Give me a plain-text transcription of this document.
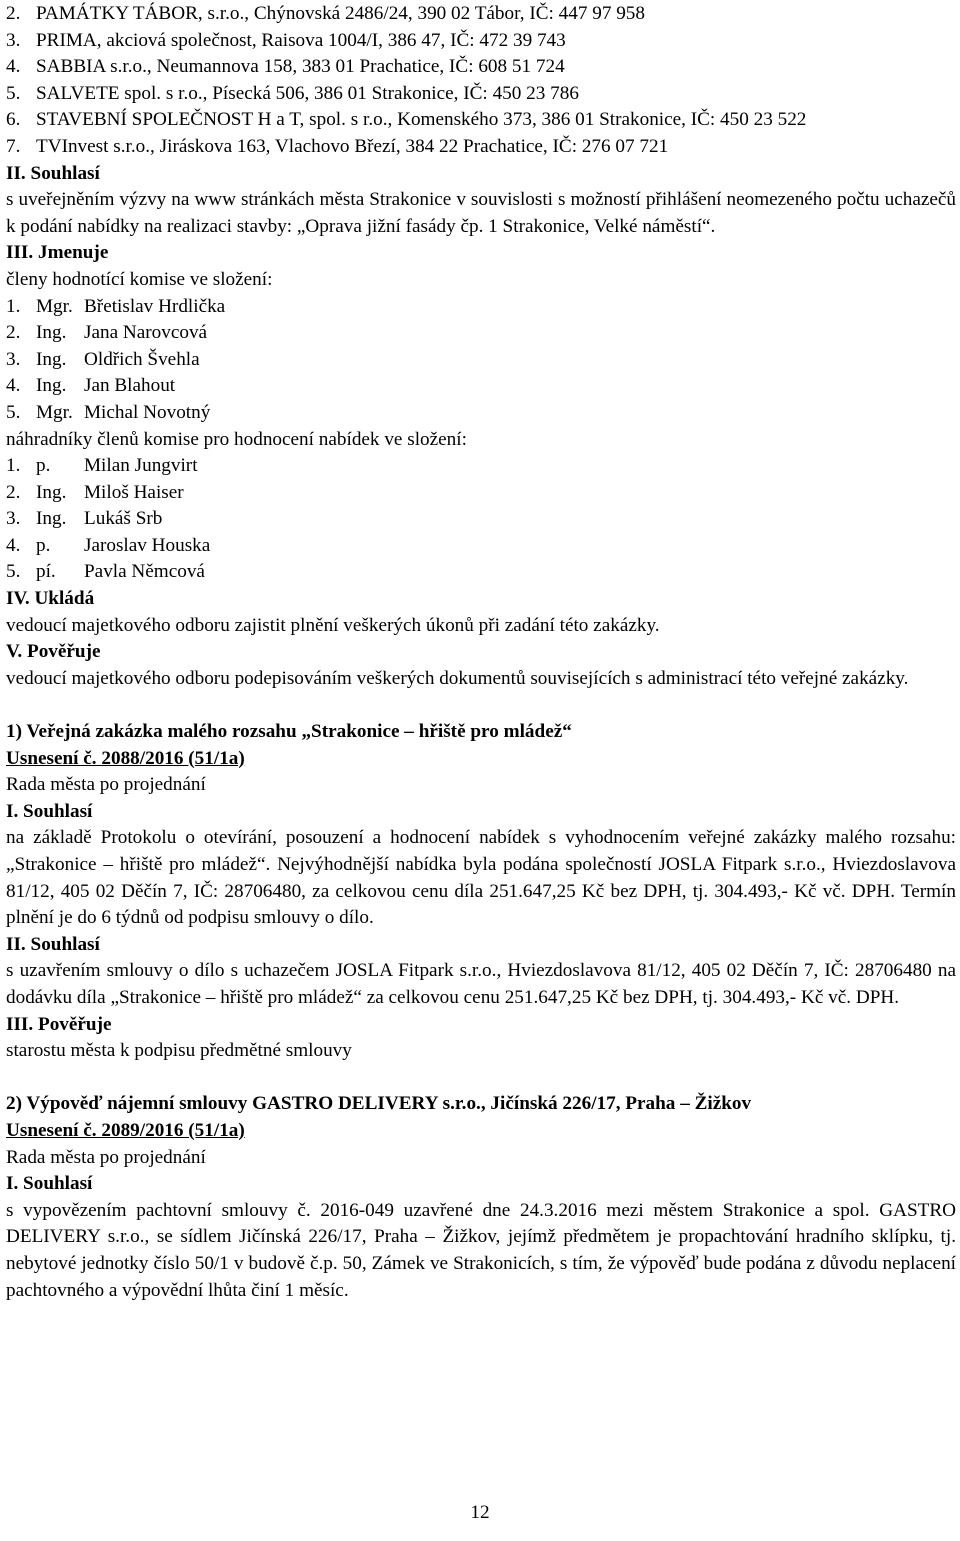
2. PAMÁTKY TÁBOR, s.r.o., Chýnovská 2486/24, 390 02 Tábor, IČ: 447 97 958
3. PRIMA, akciová společnost, Raisova 1004/I, 386 47, IČ: 472 39 743
4. SABBIA s.r.o., Neumannova 158, 383 01 Prachatice, IČ: 608 51 724
5. SALVETE spol. s r.o., Písecká 506, 386 01 Strakonice, IČ: 450 23 786
6. STAVEBNÍ SPOLEČNOST H a T, spol. s r.o., Komenského 373, 386 01 Strakonice, IČ: 450 23 522
7. TVInvest s.r.o., Jiráskova 163, Vlachovo Březí, 384 22 Prachatice, IČ: 276 07 721
II. Souhlasí
s uveřejněním výzvy na www stránkách města Strakonice v souvislosti s možností přihlášení neomezeného počtu uchazečů k podání nabídky na realizaci stavby: „Oprava jižní fasády čp. 1 Strakonice, Velké náměstí“.
III. Jmenuje
členy hodnotící komise ve složení:
1. Mgr. Břetislav Hrdlička
2. Ing. Jana Narovcová
3. Ing. Oldřich Švehla
4. Ing. Jan Blahout
5. Mgr. Michal Novotný
náhradníky členů komise pro hodnocení nabídek ve složení:
1. p. Milan Jungvirt
2. Ing. Miloš Haiser
3. Ing. Lukáš Srb
4. p. Jaroslav Houska
5. pí. Pavla Němcová
IV. Ukládá
vedoucí majetkového odboru zajistit plnění veškerých úkonů při zadání této zakázky.
V. Pověřuje
vedoucí majetkového odboru podepisováním veškerých dokumentů souvisejících s administrací této veřejné zakázky.
1) Veřejná zakázka malého rozsahu „Strakonice – hřiště pro mládež“
Usnesení č. 2088/2016 (51/1a)
Rada města po projednání
I. Souhlasí
na základě Protokolu o otevírání, posouzení a hodnocení nabídek s vyhodnocením veřejné zakázky malého rozsahu: „Strakonice – hřiště pro mládež“. Nejvýhodnější nabídka byla podána společností JOSLA Fitpark s.r.o., Hviezdoslavova 81/12, 405 02 Děčín 7, IČ: 28706480, za celkovou cenu díla 251.647,25 Kč bez DPH, tj. 304.493,- Kč vč. DPH. Termín plnění je do 6 týdnů od podpisu smlouvy o dílo.
II. Souhlasí
s uzavřením smlouvy o dílo s uchazečem JOSLA Fitpark s.r.o., Hviezdoslavova 81/12, 405 02 Děčín 7, IČ: 28706480 na dodávku díla „Strakonice – hřiště pro mládež“ za celkovou cenu 251.647,25 Kč bez DPH, tj. 304.493,- Kč vč. DPH.
III. Pověřuje
starostu města k podpisu předmětné smlouvy
2) Výpověď nájemní smlouvy GASTRO DELIVERY s.r.o., Jičínská 226/17, Praha – Žižkov
Usnesení č. 2089/2016 (51/1a)
Rada města po projednání
I. Souhlasí
s vypovězením pachtovní smlouvy č. 2016-049 uzavřené dne 24.3.2016 mezi městem Strakonice a spol. GASTRO DELIVERY s.r.o., se sídlem Jičínská 226/17, Praha – Žižkov, jejímž předmětem je propachtování hradního sklípku, tj. nebytové jednotky číslo 50/1 v budově č.p. 50, Zámek ve Strakonicích, s tím, že výpověď bude podána z důvodu neplacení pachtovného a výpovědní lhůta činí 1 měsíc.
12
